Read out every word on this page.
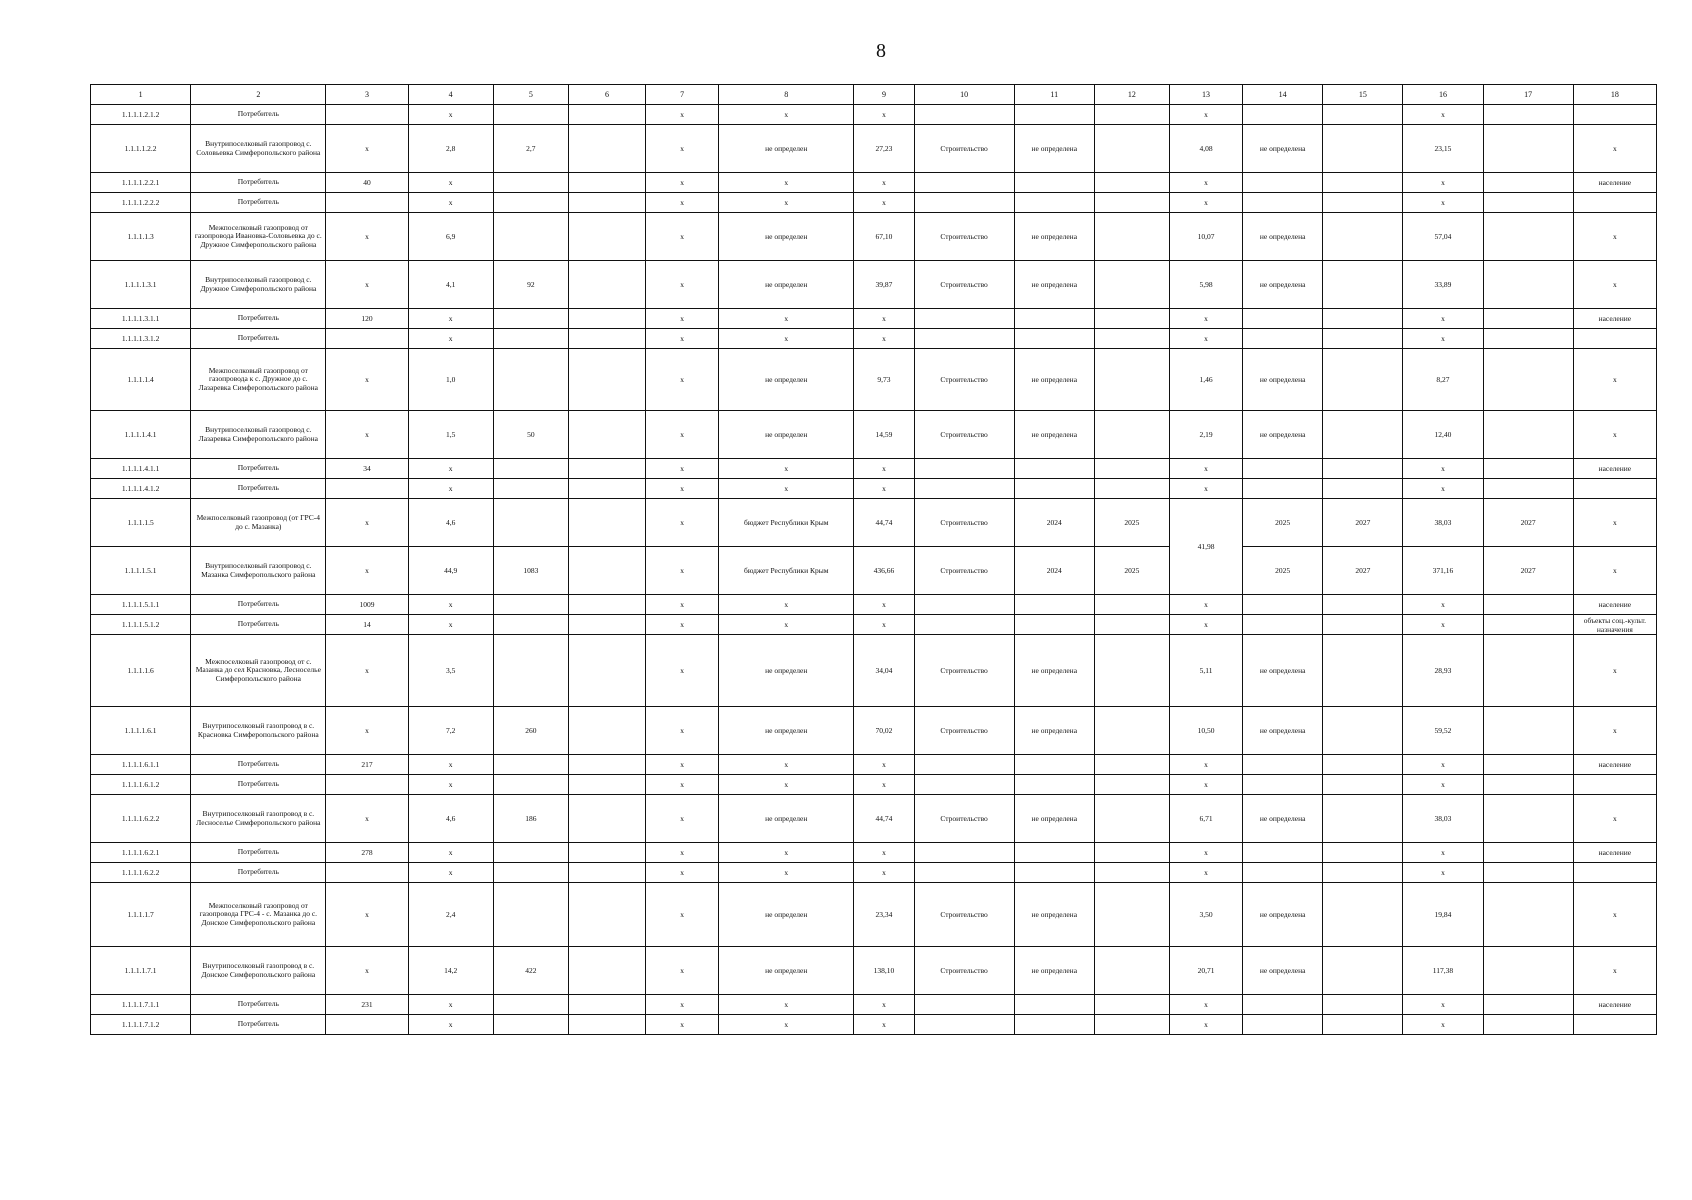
8
1	2	3	4	5	6	7	8	9	10	11	12	13	14	15	16	17	18
1.1.1.1.2.1.2	Потребитель		х			х	х	х				х			х		
1.1.1.1.2.2	Внутрипоселковый газопровод с. Соловьевка Симферопольского района	х	2,8	2,7		х	не определен	27,23	Строительство	не определена		4,08	не определена		23,15		х
1.1.1.1.2.2.1	Потребитель	40	х			х	х	х				х			х		население
1.1.1.1.2.2.2	Потребитель		х			х	х	х				х			х		
1.1.1.1.3	Межпоселковый газопровод от газопровода Ивановка-Соловьевка до с. Дружное Симферопольского района	х	6,9			х	не определен	67,10	Строительство	не определена		10,07	не определена		57,04		х
1.1.1.1.3.1	Внутрипоселковый газопровод с. Дружное Симферопольского района	х	4,1	92		х	не определен	39,87	Строительство	не определена		5,98	не определена		33,89		х
1.1.1.1.3.1.1	Потребитель	120	х			х	х	х				х			х		население
1.1.1.1.3.1.2	Потребитель		х			х	х	х				х			х		
1.1.1.1.4	Межпоселковый газопровод от газопровода к с. Дружное до с. Лазаревка Симферопольского района	х	1,0			х	не определен	9,73	Строительство	не определена		1,46	не определена		8,27		х
1.1.1.1.4.1	Внутрипоселковый газопровод с. Лазаревка Симферопольского района	х	1,5	50		х	не определен	14,59	Строительство	не определена		2,19	не определена		12,40		х
1.1.1.1.4.1.1	Потребитель	34	х			х	х	х				х			х		население
1.1.1.1.4.1.2	Потребитель		х			х	х	х				х			х		
1.1.1.1.5	Межпоселковый газопровод (от ГРС-4 до с. Мазанка)	х	4,6			х	бюджет Республики Крым	44,74	Строительство	2024	2025	41,98	2025	2027	38,03	2027	х
1.1.1.1.5.1	Внутрипоселковый газопровод с. Мазанка Симферопольского района	х	44,9	1083		х	бюджет Республики Крым	436,66	Строительство	2024	2025		2025	2027	371,16	2027	х
1.1.1.1.5.1.1	Потребитель	1009	х			х	х	х				х			х		население
1.1.1.1.5.1.2	Потребитель	14	х			х	х	х				х			х		объекты соц.-культ. назначения
1.1.1.1.6	Межпоселковый газопровод от с. Мазанка до сел Красновка, Лесноселье Симферопольского района	х	3,5			х	не определен	34,04	Строительство	не определена		5,11	не определена		28,93		х
1.1.1.1.6.1	Внутрипоселковый газопровод в с. Красновка Симферопольского района	х	7,2	260		х	не определен	70,02	Строительство	не определена		10,50	не определена		59,52		х
1.1.1.1.6.1.1	Потребитель	217	х			х	х	х				х			х		население
1.1.1.1.6.1.2	Потребитель		х			х	х	х				х			х		
1.1.1.1.6.2.2	Внутрипоселковый газопровод в с. Лесноселье Симферопольского района	х	4,6	186		х	не определен	44,74	Строительство	не определена		6,71	не определена		38,03		х
1.1.1.1.6.2.1	Потребитель	278	х			х	х	х				х			х		население
1.1.1.1.6.2.2	Потребитель		х			х	х	х				х			х		
1.1.1.1.7	Межпоселковый газопровод от газопровода ГРС-4 - с. Мазанка до с. Донское Симферопольского района	х	2,4			х	не определен	23,34	Строительство	не определена		3,50	не определена		19,84		х
1.1.1.1.7.1	Внутрипоселковый газопровод в с. Донское Симферопольского района	х	14,2	422		х	не определен	138,10	Строительство	не определена		20,71	не определена		117,38		х
1.1.1.1.7.1.1	Потребитель	231	х			х	х	х				х			х		население
1.1.1.1.7.1.2	Потребитель		х			х	х	х				х			х		
